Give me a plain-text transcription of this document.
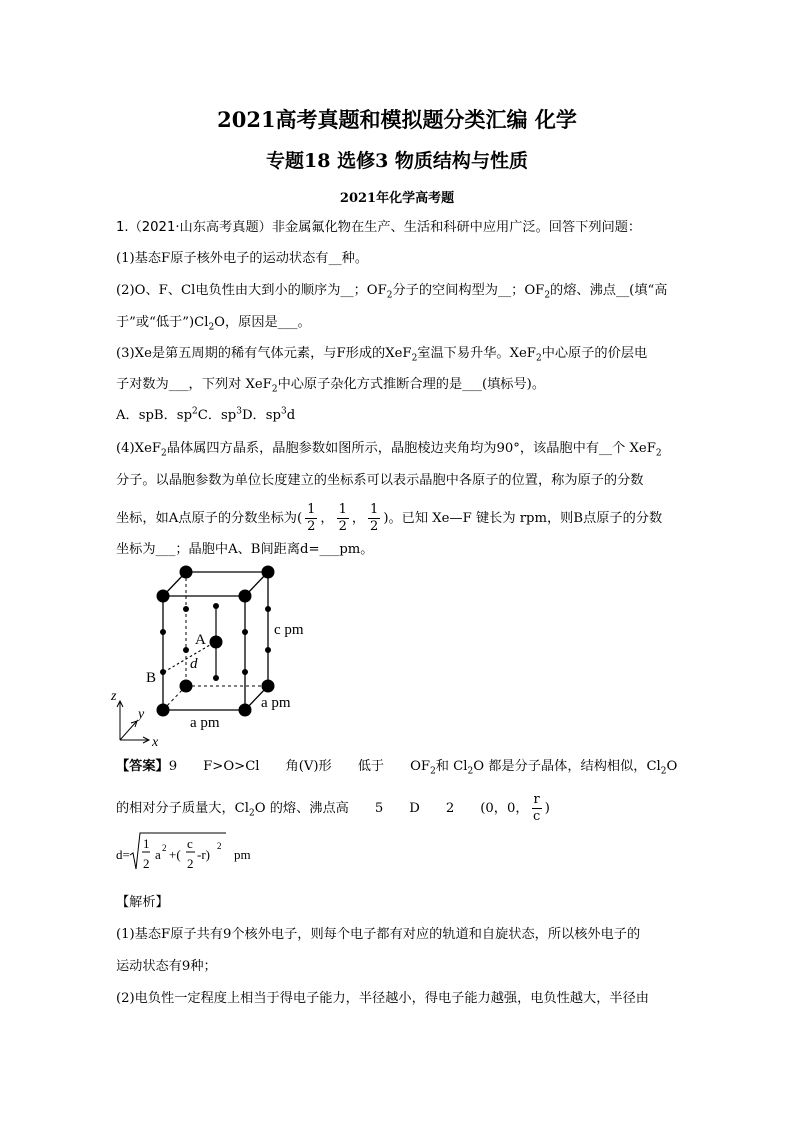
2021高考真题和模拟题分类汇编 化学
专题18 选修3 物质结构与性质
2021年化学高考题
1.（2021·山东高考真题）非金属氟化物在生产、生活和科研中应用广泛。回答下列问题：
(1)基态F原子核外电子的运动状态有__种。
(2)O、F、Cl电负性由大到小的顺序为__；$OF_2$分子的空间构型为__；$OF_2$的熔、沸点__(填“高
于”或“低于$”)Cl_2O$，原因是___。
(3)Xe是第五周期的稀有气体元素，与F形成的XeF$_2$室温下易升华。XeF$_2$中心原子的价层电
子对数为___，下列对 XeF$_2$中心原子杂化方式推断合理的是___(填标号)。
A．spB．$sp^2C$．$sp^3D$．$sp^3d$
(4)XeF$_2$晶体属四方晶系，晶胞参数如图所示，晶胞棱边夹角均为90°，该晶胞中有__个 XeF$_2$
分子。以晶胞参数为单位长度建立的坐标系可以表示晶胞中各原子的位置，称为原子的分数
坐标，如A点原子的分数坐标为( $\frac{1}{2}$ ， $\frac{1}{2}$ ， $\frac{1}{2}$ )。已知 Xe—F 键长为 rpm，则B点原子的分数
坐标为___；晶胞中A、B间距离d=___pm。
A
B
d
c pm
a pm
a pm
z
y
x
【答案】9 F>O>Cl 角(V)形 低于 $OF_2$和 $Cl_2O$ 都是分子晶体，结构相似，$Cl_2O$
的相对分子质量大，$Cl_2O$ 的熔、沸点高 5 D 2 (0，0， $\frac{r}{c}$ )
d=
1
2
a 2 +(
c
2
-r)
2
pm
【解析】
(1)基态F原子共有9个核外电子，则每个电子都有对应的轨道和自旋状态，所以核外电子的
运动状态有9种；
(2)电负性一定程度上相当于得电子能力，半径越小，得电子能力越强，电负性越大，半径由
